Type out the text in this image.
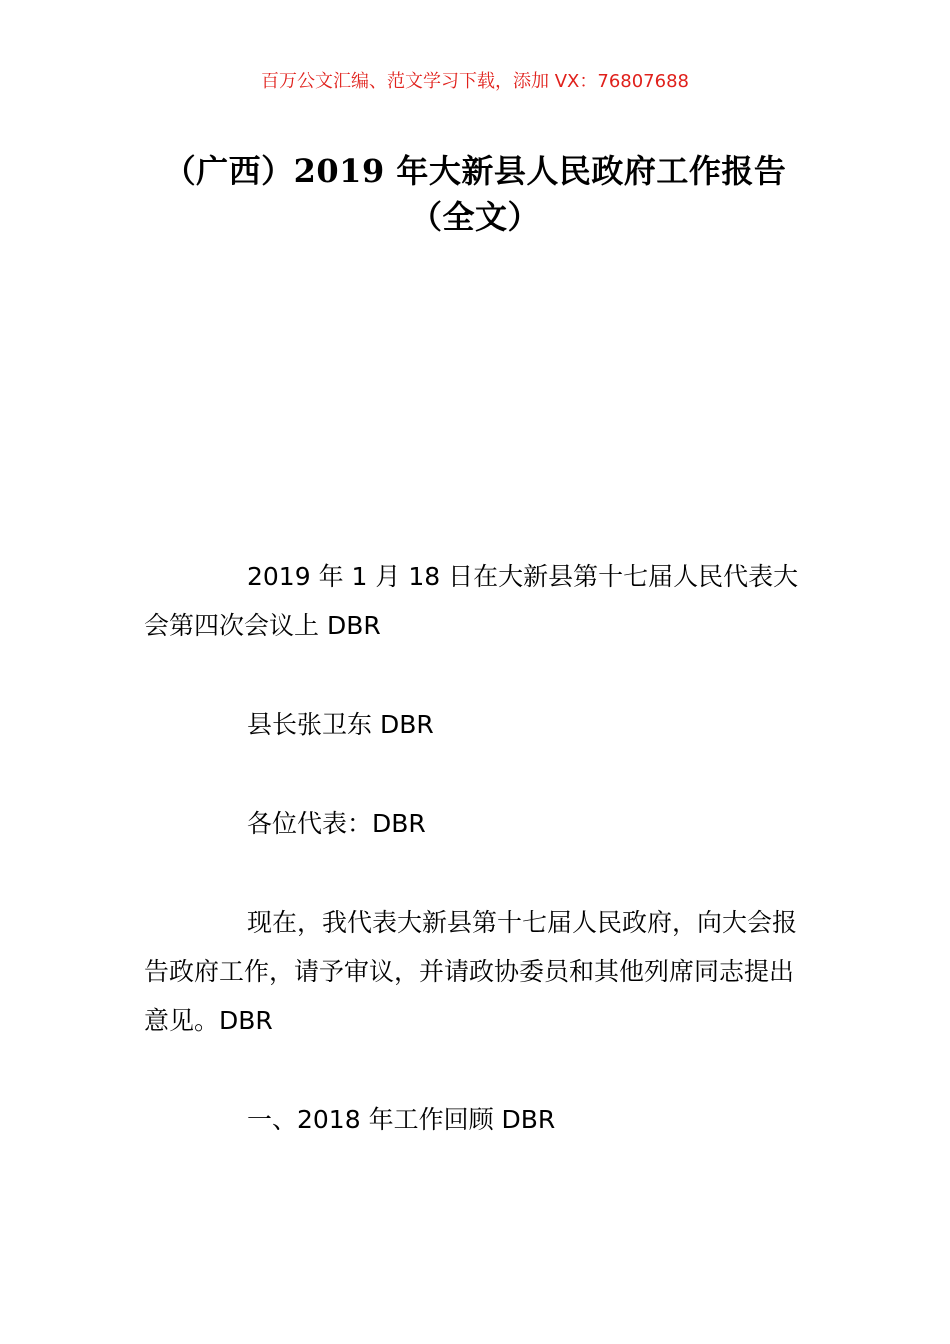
百万公文汇编、范文学习下载，添加 VX：76807688
（广西）2019 年大新县人民政府工作报告
（全文）

2019 年 1 月 18 日在大新县第十七届人民代表大会第四次会议上 DBR

县长张卫东 DBR

各位代表：DBR

现在，我代表大新县第十七届人民政府，向大会报告政府工作，请予审议，并请政协委员和其他列席同志提出意见。DBR

一、2018 年工作回顾 DBR
